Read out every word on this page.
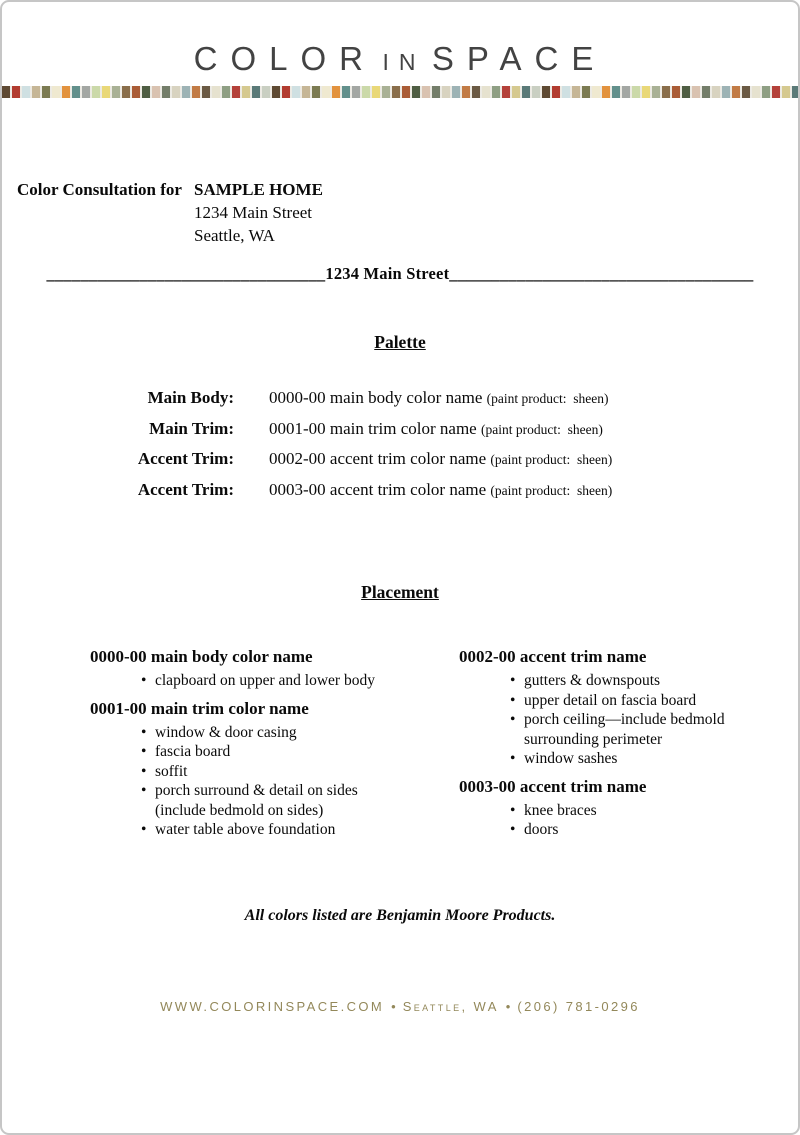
COLOR IN SPACE
Color Consultation for SAMPLE HOME
1234 Main Street
Seattle, WA
_________________________________1234 Main Street____________________________________
Palette
Main Body: 0000-00 main body color name (paint product:  sheen)
Main Trim: 0001-00 main trim color name (paint product:  sheen)
Accent Trim: 0002-00 accent trim color name (paint product:  sheen)
Accent Trim: 0003-00 accent trim color name (paint product:  sheen)
Placement
0000-00 main body color name
• clapboard on upper and lower body
0001-00 main trim color name
• window & door casing
• fascia board
• soffit
• porch surround & detail on sides
(include bedmold on sides)
• water table above foundation
0002-00 accent trim name
• gutters & downspouts
• upper detail on fascia board
• porch ceiling—include bedmold
surrounding perimeter
• window sashes
0003-00 accent trim name
• knee braces
• doors
All colors listed are Benjamin Moore Products.
WWW.COLORINSPACE.COM • Seattle, WA • (206) 781-0296
